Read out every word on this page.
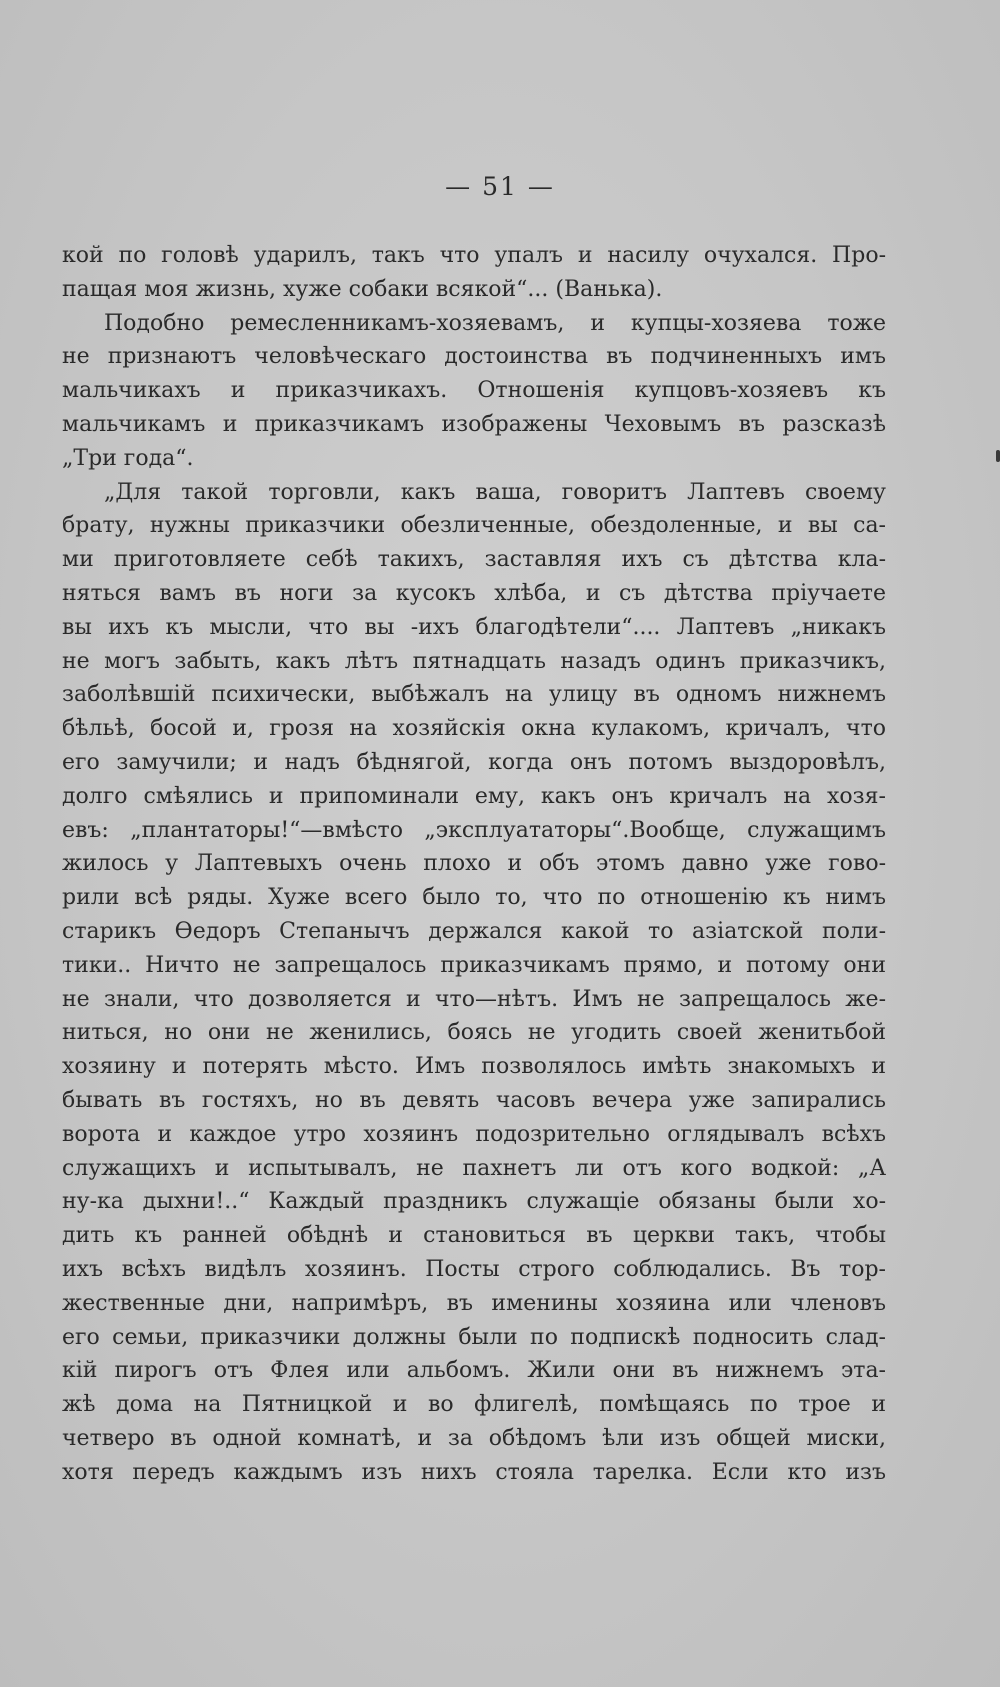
— 51 —
кой по головѣ ударилъ, такъ что упалъ и насилу очухался. Про-
пащая моя жизнь, хуже собаки всякой“... (Ванька).
Подобно ремесленникамъ-хозяевамъ, и купцы-хозяева тоже
не признаютъ человѣческаго достоинства въ подчиненныхъ имъ
мальчикахъ и приказчикахъ. Отношенія купцовъ-хозяевъ къ
мальчикамъ и приказчикамъ изображены Чеховымъ въ разсказѣ
„Три года“.
„Для такой торговли, какъ ваша, говоритъ Лаптевъ своему
брату, нужны приказчики обезличенные, обездоленные, и вы са-
ми приготовляете себѣ такихъ, заставляя ихъ съ дѣтства кла-
няться вамъ въ ноги за кусокъ хлѣба, и съ дѣтства пріучаете
вы ихъ къ мысли, что вы -ихъ благодѣтели“.... Лаптевъ „никакъ
не могъ забыть, какъ лѣтъ пятнадцать назадъ одинъ приказчикъ,
заболѣвшій психически, выбѣжалъ на улицу въ одномъ нижнемъ
бѣльѣ, босой и, грозя на хозяйскія окна кулакомъ, кричалъ, что
его замучили; и надъ бѣднягой, когда онъ потомъ выздоровѣлъ,
долго смѣялись и припоминали ему, какъ онъ кричалъ на хозя-
евъ: „плантаторы!“—вмѣсто „эксплуататоры“.Вообще, служащимъ
жилось у Лаптевыхъ очень плохо и объ этомъ давно уже гово-
рили всѣ ряды. Хуже всего было то, что по отношенію къ нимъ
старикъ Ѳедоръ Степанычъ держался какой то азіатской поли-
тики.. Ничто не запрещалось приказчикамъ прямо, и потому они
не знали, что дозволяется и что—нѣтъ. Имъ не запрещалось же-
ниться, но они не женились, боясь не угодить своей женитьбой
хозяину и потерять мѣсто. Имъ позволялось имѣть знакомыхъ и
бывать въ гостяхъ, но въ девять часовъ вечера уже запирались
ворота и каждое утро хозяинъ подозрительно оглядывалъ всѣхъ
служащихъ и испытывалъ, не пахнетъ ли отъ кого водкой: „А
ну-ка дыхни!..“ Каждый праздникъ служащіе обязаны были хо-
дить къ ранней обѣднѣ и становиться въ церкви такъ, чтобы
ихъ всѣхъ видѣлъ хозяинъ. Посты строго соблюдались. Въ тор-
жественные дни, напримѣръ, въ именины хозяина или членовъ
его семьи, приказчики должны были по подпискѣ подносить слад-
кій пирогъ отъ Флея или альбомъ. Жили они въ нижнемъ эта-
жѣ дома на Пятницкой и во флигелѣ, помѣщаясь по трое и
четверо въ одной комнатѣ, и за обѣдомъ ѣли изъ общей миски,
хотя передъ каждымъ изъ нихъ стояла тарелка. Если кто изъ
